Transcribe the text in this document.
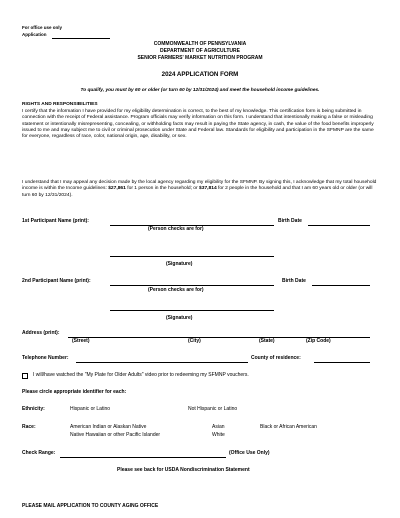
For office use only
Application
COMMONWEALTH OF PENNSYLVANIA
DEPARTMENT OF AGRICULTURE
SENIOR FARMERS' MARKET NUTRITION PROGRAM
2024 APPLICATION FORM
To qualify, you must by 60 or older (or turn 60 by 12/31/2024) and meet the household income guidelines.
RIGHTS AND RESPONSIBILITIES
I certify that the information I have provided for my eligibility determination is correct, to the best of my knowledge. This certification form is being submitted in connection with the receipt of Federal assistance. Program officials may verify information on this form. I understand that intentionally making a false or misleading statement or intentionally misrepresenting, concealing, or withholding facts may result in paying the State agency, in cash, the value of the food benefits improperly issued to me and may subject me to civil or criminal prosecution under State and Federal law. Standards for eligibility and participation in the SFMNP are the same for everyone, regardless of race, color, national origin, age, disability, or sex.
I understand that I may appeal any decision made by the local agency regarding my eligibility for the SFMNP. By signing this, I acknowledge that my total household income is within the Income guidelines: $27,861 for 1 person in the household; or $37,814 for 2 people in the household and that I am 60 years old or older (or will turn 60 by 12/31/2024).
1st Participant Name (print):	Birth Date
(Person checks are for)
(Signature)
2nd Participant Name (print):	Birth Date
(Person checks are for)
(Signature)
Address (print):
(Street)	(City)	(State)	(Zip Code)
Telephone Number:	County of residence:
I will/have watched the "My Plate for Older Adults" video prior to redeeming my SFMNP vouchers.
Please circle appropriate identifier for each:
Ethnicity:	Hispanic or Latino	Not Hispanic or Latino
Race:	American Indian or Alaskan Native	Asian	Black or African American
Native Hawaiian or other Pacific Islander	White
Check Range:	(Office Use Only)
Please see back for USDA Nondiscrimination Statement
PLEASE MAIL APPLICATION TO COUNTY AGING OFFICE
